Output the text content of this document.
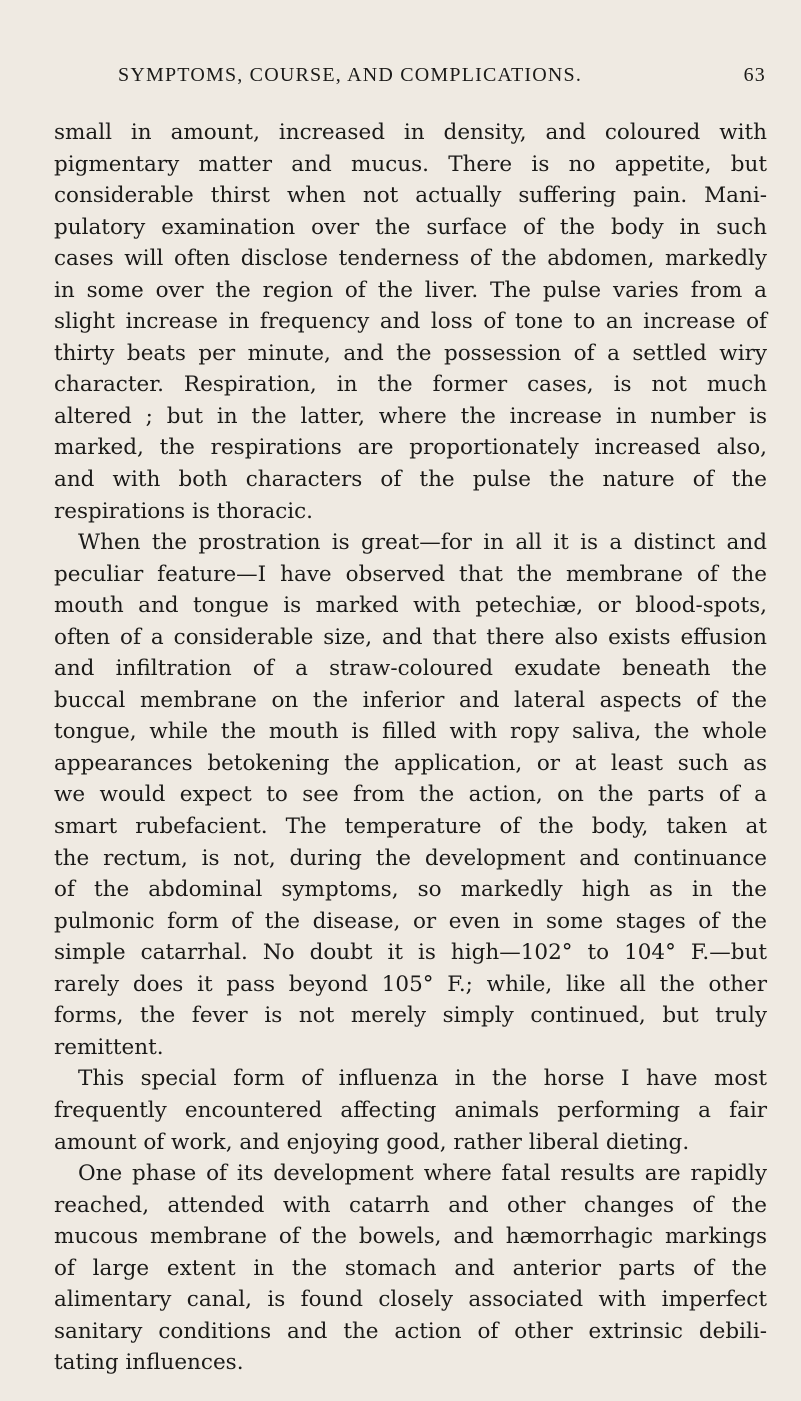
SYMPTOMS, COURSE, AND COMPLICATIONS.	63
small in amount, increased in density, and coloured with
pigmentary matter and mucus. There is no appetite, but
considerable thirst when not actually suffering pain. Mani-
pulatory examination over the surface of the body in such
cases will often disclose tenderness of the abdomen, markedly
in some over the region of the liver. The pulse varies from a
slight increase in frequency and loss of tone to an increase of
thirty beats per minute, and the possession of a settled wiry
character. Respiration, in the former cases, is not much
altered ; but in the latter, where the increase in number is
marked, the respirations are proportionately increased also,
and with both characters of the pulse the nature of the
respirations is thoracic.
When the prostration is great—for in all it is a distinct and
peculiar feature—I have observed that the membrane of the
mouth and tongue is marked with petechiæ, or blood-spots,
often of a considerable size, and that there also exists effusion
and infiltration of a straw-coloured exudate beneath the
buccal membrane on the inferior and lateral aspects of the
tongue, while the mouth is filled with ropy saliva, the whole
appearances betokening the application, or at least such as
we would expect to see from the action, on the parts of a
smart rubefacient. The temperature of the body, taken at
the rectum, is not, during the development and continuance
of the abdominal symptoms, so markedly high as in the
pulmonic form of the disease, or even in some stages of the
simple catarrhal. No doubt it is high—102° to 104° F.—but
rarely does it pass beyond 105° F.; while, like all the other
forms, the fever is not merely simply continued, but truly
remittent.
This special form of influenza in the horse I have most
frequently encountered affecting animals performing a fair
amount of work, and enjoying good, rather liberal dieting.
One phase of its development where fatal results are rapidly
reached, attended with catarrh and other changes of the
mucous membrane of the bowels, and hæmorrhagic markings
of large extent in the stomach and anterior parts of the
alimentary canal, is found closely associated with imperfect
sanitary conditions and the action of other extrinsic debili-
tating influences.
